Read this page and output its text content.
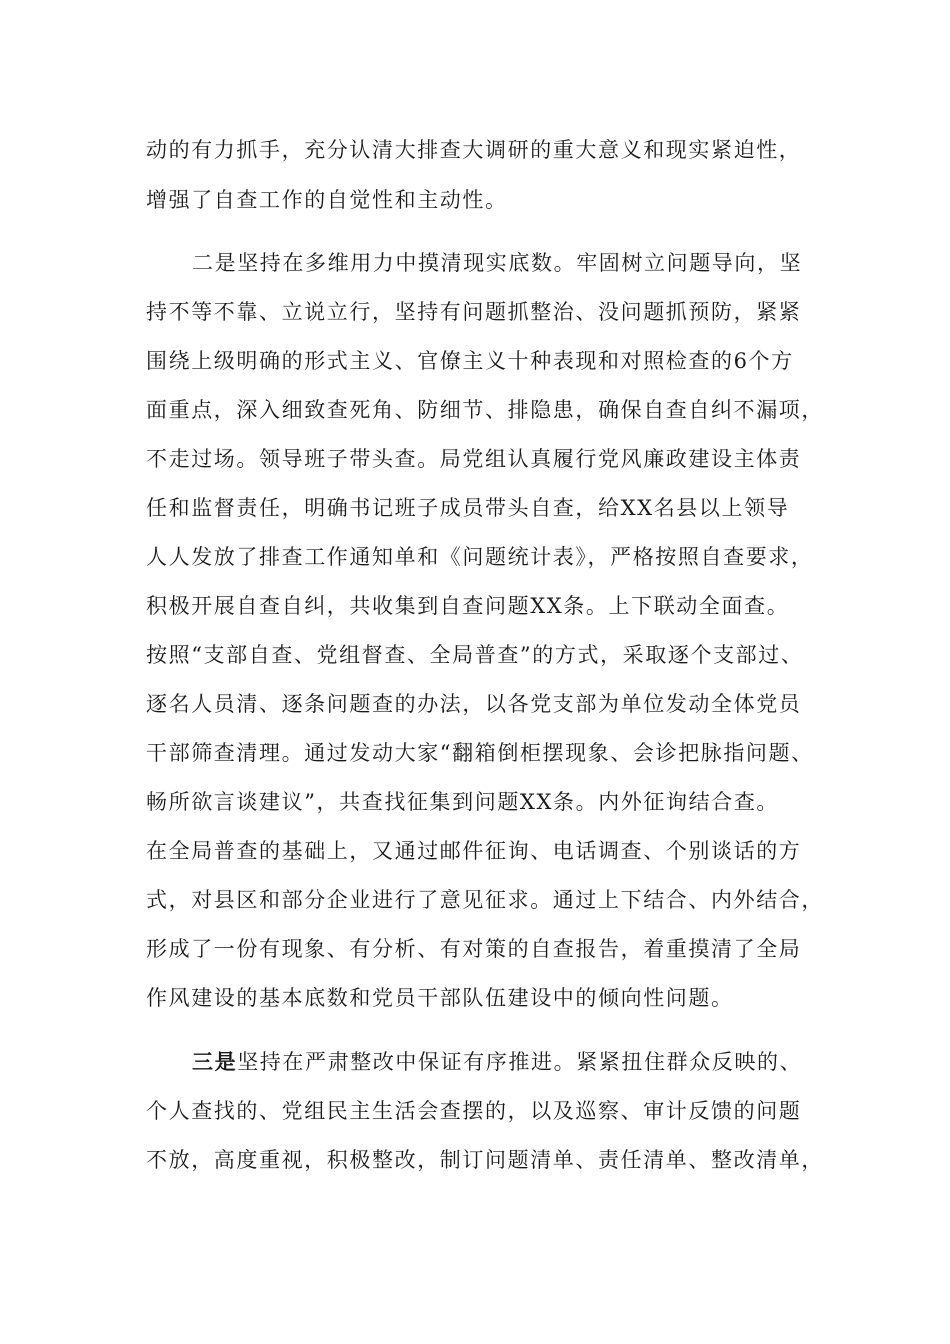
动的有力抓手，充分认清大排查大调研的重大意义和现实紧迫性，
增强了自查工作的自觉性和主动性。
二是坚持在多维用力中摸清现实底数。牢固树立问题导向，坚
持不等不靠、立说立行，坚持有问题抓整治、没问题抓预防，紧紧
围绕上级明确的形式主义、官僚主义十种表现和对照检查的6个方
面重点，深入细致查死角、防细节、排隐患，确保自查自纠不漏项，
不走过场。领导班子带头查。局党组认真履行党风廉政建设主体责
任和监督责任，明确书记班子成员带头自查，给XX名县以上领导
人人发放了排查工作通知单和《问题统计表》，严格按照自查要求，
积极开展自查自纠，共收集到自查问题XX条。上下联动全面查。
按照“支部自查、党组督查、全局普查”的方式，采取逐个支部过、
逐名人员清、逐条问题查的办法，以各党支部为单位发动全体党员
干部筛查清理。通过发动大家“翻箱倒柜摆现象、会诊把脉指问题、
畅所欲言谈建议”，共查找征集到问题XX条。内外征询结合查。
在全局普查的基础上，又通过邮件征询、电话调查、个别谈话的方
式，对县区和部分企业进行了意见征求。通过上下结合、内外结合，
形成了一份有现象、有分析、有对策的自查报告，着重摸清了全局
作风建设的基本底数和党员干部队伍建设中的倾向性问题。
三是坚持在严肃整改中保证有序推进。紧紧扭住群众反映的、
个人查找的、党组民主生活会查摆的，以及巡察、审计反馈的问题
不放，高度重视，积极整改，制订问题清单、责任清单、整改清单，
